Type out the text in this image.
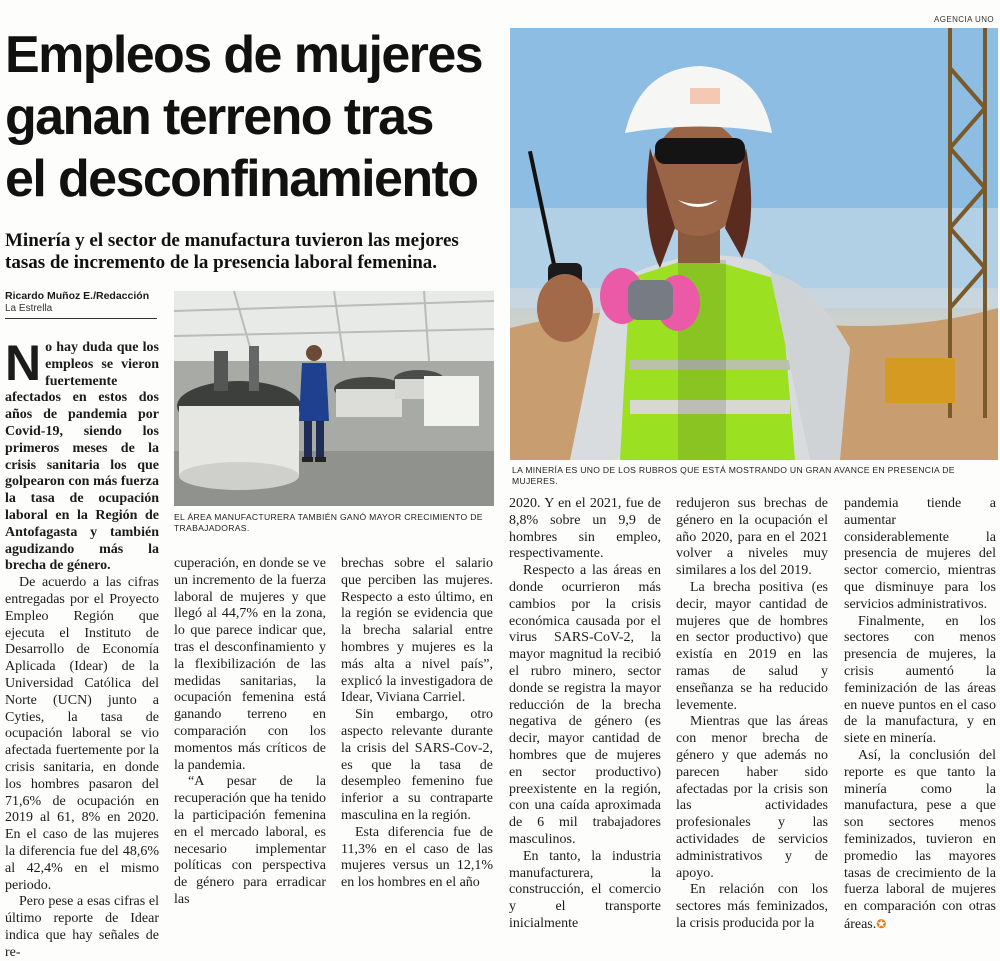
AGENCIA UNO
Empleos de mujeres
ganan terreno tras
el desconfinamiento
Minería y el sector de manufactura tuvieron las mejores tasas de incremento de la presencia laboral femenina.
Ricardo Muñoz E./Redacción
La Estrella
EL ÁREA MANUFACTURERA TAMBIÉN GANÓ MAYOR CRECIMIENTO DE TRABAJADORAS.
LA MINERÍA ES UNO DE LOS RUBROS QUE ESTÁ MOSTRANDO UN GRAN AVANCE EN PRESENCIA DE MUJERES.

No hay duda que los empleos se vieron fuertemente afectados en estos dos años de pandemia por Covid-19, siendo los primeros meses de la crisis sanitaria los que golpearon con más fuerza la tasa de ocupación laboral en la Región de Antofagasta y también agudizando más la brecha de género.

De acuerdo a las cifras entregadas por el Proyecto Empleo Región que ejecuta el Instituto de Desarrollo de Economía Aplicada (Idear) de la Universidad Católica del Norte (UCN) junto a Cyties, la tasa de ocupación laboral se vio afectada fuertemente por la crisis sanitaria, en donde los hombres pasaron del 71,6% de ocupación en 2019 al 61, 8% en 2020. En el caso de las mujeres la diferencia fue del 48,6% al 42,4% en el mismo periodo.

Pero pese a esas cifras el último reporte de Idear indica que hay señales de re-

cuperación, en donde se ve un incremento de la fuerza laboral de mujeres y que llegó al 44,7% en la zona, lo que parece indicar que, tras el desconfinamiento y la flexibilización de las medidas sanitarias, la ocupación femenina está ganando terreno en comparación con los momentos más críticos de la pandemia.

“A pesar de la recuperación que ha tenido la participación femenina en el mercado laboral, es necesario implementar políticas con perspectiva de género para erradicar las

brechas sobre el salario que perciben las mujeres. Respecto a esto último, en la región se evidencia que la brecha salarial entre hombres y mujeres es la más alta a nivel país”, explicó la investigadora de Idear, Viviana Carriel.

Sin embargo, otro aspecto relevante durante la crisis del SARS-Cov-2, es que la tasa de desempleo femenino fue inferior a su contraparte masculina en la región.

Esta diferencia fue de 11,3% en el caso de las mujeres versus un 12,1% en los hombres en el año

2020. Y en el 2021, fue de 8,8% sobre un 9,9 de hombres sin empleo, respectivamente.

Respecto a las áreas en donde ocurrieron más cambios por la crisis económica causada por el virus SARS-CoV-2, la mayor magnitud la recibió el rubro minero, sector donde se registra la mayor reducción de la brecha negativa de género (es decir, mayor cantidad de hombres que de mujeres en sector productivo) preexistente en la región, con una caída aproximada de 6 mil trabajadores masculinos.

En tanto, la industria manufacturera, la construcción, el comercio y el transporte inicialmente

redujeron sus brechas de género en la ocupación el año 2020, para en el 2021 volver a niveles muy similares a los del 2019.

La brecha positiva (es decir, mayor cantidad de mujeres que de hombres en sector productivo) que existía en 2019 en las ramas de salud y enseñanza se ha reducido levemente.

Mientras que las áreas con menor brecha de género y que además no parecen haber sido afectadas por la crisis son las actividades profesionales y las actividades de servicios administrativos y de apoyo.

En relación con los sectores más feminizados, la crisis producida por la

pandemia tiende a aumentar considerablemente la presencia de mujeres del sector comercio, mientras que disminuye para los servicios administrativos.

Finalmente, en los sectores con menos presencia de mujeres, la crisis aumentó la feminización de las áreas en nueve puntos en el caso de la manufactura, y en siete en minería.

Así, la conclusión del reporte es que tanto la minería como la manufactura, pese a que son sectores menos feminizados, tuvieron en promedio las mayores tasas de crecimiento de la fuerza laboral de mujeres en comparación con otras áreas.✪
